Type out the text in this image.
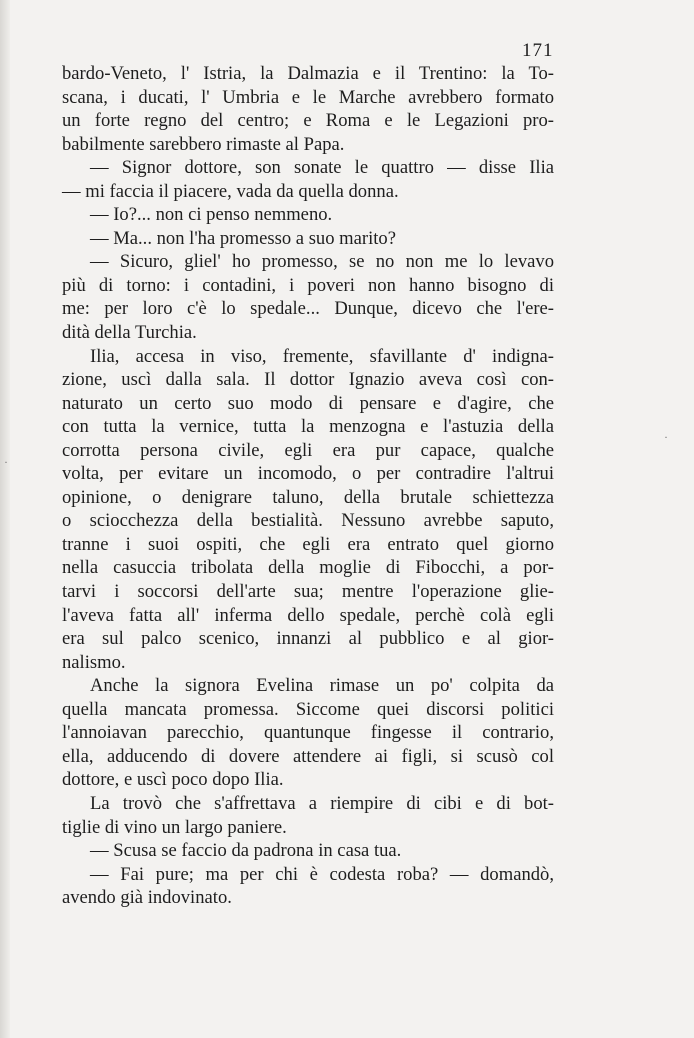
171
bardo-Veneto, l' Istria, la Dalmazia e il Trentino: la To-
scana, i ducati, l' Umbria e le Marche avrebbero formato
un forte regno del centro; e Roma e le Legazioni pro-
babilmente sarebbero rimaste al Papa.
— Signor dottore, son sonate le quattro — disse Ilia
— mi faccia il piacere, vada da quella donna.
— Io?... non ci penso nemmeno.
— Ma... non l'ha promesso a suo marito?
— Sicuro, gliel' ho promesso, se no non me lo levavo
più di torno: i contadini, i poveri non hanno bisogno di
me: per loro c'è lo spedale... Dunque, dicevo che l'ere-
dità della Turchia.
Ilia, accesa in viso, fremente, sfavillante d' indigna-
zione, uscì dalla sala. Il dottor Ignazio aveva così con-
naturato un certo suo modo di pensare e d'agire, che
con tutta la vernice, tutta la menzogna e l'astuzia della
corrotta persona civile, egli era pur capace, qualche
volta, per evitare un incomodo, o per contradire l'altrui
opinione, o denigrare taluno, della brutale schiettezza
o sciocchezza della bestialità. Nessuno avrebbe saputo,
tranne i suoi ospiti, che egli era entrato quel giorno
nella casuccia tribolata della moglie di Fibocchi, a por-
tarvi i soccorsi dell'arte sua; mentre l'operazione glie-
l'aveva fatta all' inferma dello spedale, perchè colà egli
era sul palco scenico, innanzi al pubblico e al gior-
nalismo.
Anche la signora Evelina rimase un po' colpita da
quella mancata promessa. Siccome quei discorsi politici
l'annoiavan parecchio, quantunque fingesse il contrario,
ella, adducendo di dovere attendere ai figli, si scusò col
dottore, e uscì poco dopo Ilia.
La trovò che s'affrettava a riempire di cibi e di bot-
tiglie di vino un largo paniere.
— Scusa se faccio da padrona in casa tua.
— Fai pure; ma per chi è codesta roba? — domandò,
avendo già indovinato.
·
·
